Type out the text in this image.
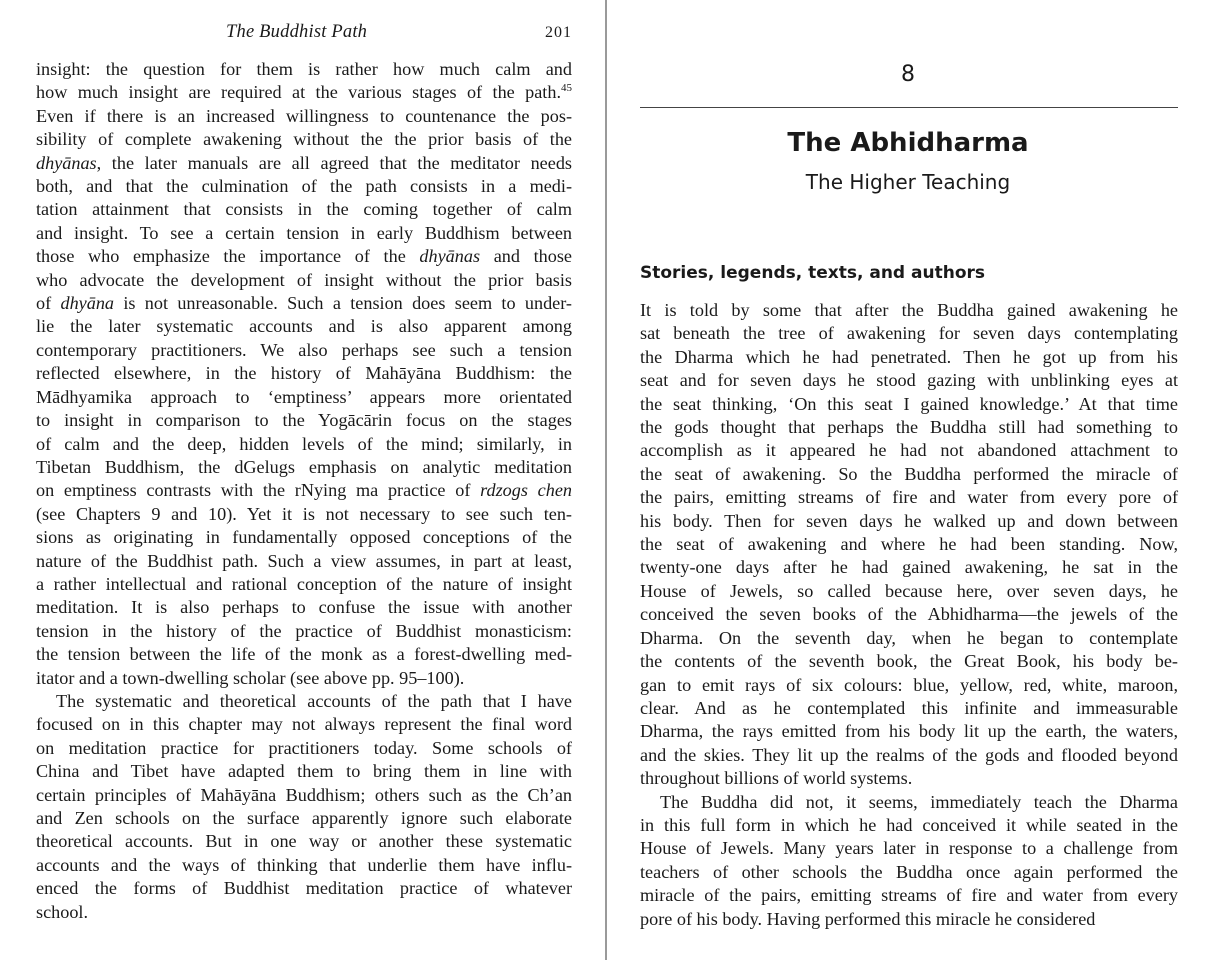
The Buddhist Path	201
insight: the question for them is rather how much calm and
how much insight are required at the various stages of the path.$^{45}$
Even if there is an increased willingness to countenance the pos-
sibility of complete awakening without the the prior basis of the
dhyānas, the later manuals are all agreed that the meditator needs
both, and that the culmination of the path consists in a medi-
tation attainment that consists in the coming together of calm
and insight. To see a certain tension in early Buddhism between
those who emphasize the importance of the dhyānas and those
who advocate the development of insight without the prior basis
of dhyāna is not unreasonable. Such a tension does seem to under-
lie the later systematic accounts and is also apparent among
contemporary practitioners. We also perhaps see such a tension
reflected elsewhere, in the history of Mahāyāna Buddhism: the
Mādhyamika approach to ‘emptiness’ appears more orientated
to insight in comparison to the Yogācārin focus on the stages
of calm and the deep, hidden levels of the mind; similarly, in
Tibetan Buddhism, the dGelugs emphasis on analytic meditation
on emptiness contrasts with the rNying ma practice of rdzogs chen
(see Chapters 9 and 10). Yet it is not necessary to see such ten-
sions as originating in fundamentally opposed conceptions of the
nature of the Buddhist path. Such a view assumes, in part at least,
a rather intellectual and rational conception of the nature of insight
meditation. It is also perhaps to confuse the issue with another
tension in the history of the practice of Buddhist monasticism:
the tension between the life of the monk as a forest-dwelling med-
itator and a town-dwelling scholar (see above pp. 95–100).
The systematic and theoretical accounts of the path that I have
focused on in this chapter may not always represent the final word
on meditation practice for practitioners today. Some schools of
China and Tibet have adapted them to bring them in line with
certain principles of Mahāyāna Buddhism; others such as the Ch’an
and Zen schools on the surface apparently ignore such elaborate
theoretical accounts. But in one way or another these systematic
accounts and the ways of thinking that underlie them have influ-
enced the forms of Buddhist meditation practice of whatever
school.
8
The Abhidharma
The Higher Teaching
Stories, legends, texts, and authors
It is told by some that after the Buddha gained awakening he
sat beneath the tree of awakening for seven days contemplating
the Dharma which he had penetrated. Then he got up from his
seat and for seven days he stood gazing with unblinking eyes at
the seat thinking, ‘On this seat I gained knowledge.’ At that time
the gods thought that perhaps the Buddha still had something to
accomplish as it appeared he had not abandoned attachment to
the seat of awakening. So the Buddha performed the miracle of
the pairs, emitting streams of fire and water from every pore of
his body. Then for seven days he walked up and down between
the seat of awakening and where he had been standing. Now,
twenty-one days after he had gained awakening, he sat in the
House of Jewels, so called because here, over seven days, he
conceived the seven books of the Abhidharma—the jewels of the
Dharma. On the seventh day, when he began to contemplate
the contents of the seventh book, the Great Book, his body be-
gan to emit rays of six colours: blue, yellow, red, white, maroon,
clear. And as he contemplated this infinite and immeasurable
Dharma, the rays emitted from his body lit up the earth, the waters,
and the skies. They lit up the realms of the gods and flooded beyond
throughout billions of world systems.
The Buddha did not, it seems, immediately teach the Dharma
in this full form in which he had conceived it while seated in the
House of Jewels. Many years later in response to a challenge from
teachers of other schools the Buddha once again performed the
miracle of the pairs, emitting streams of fire and water from every
pore of his body. Having performed this miracle he considered
